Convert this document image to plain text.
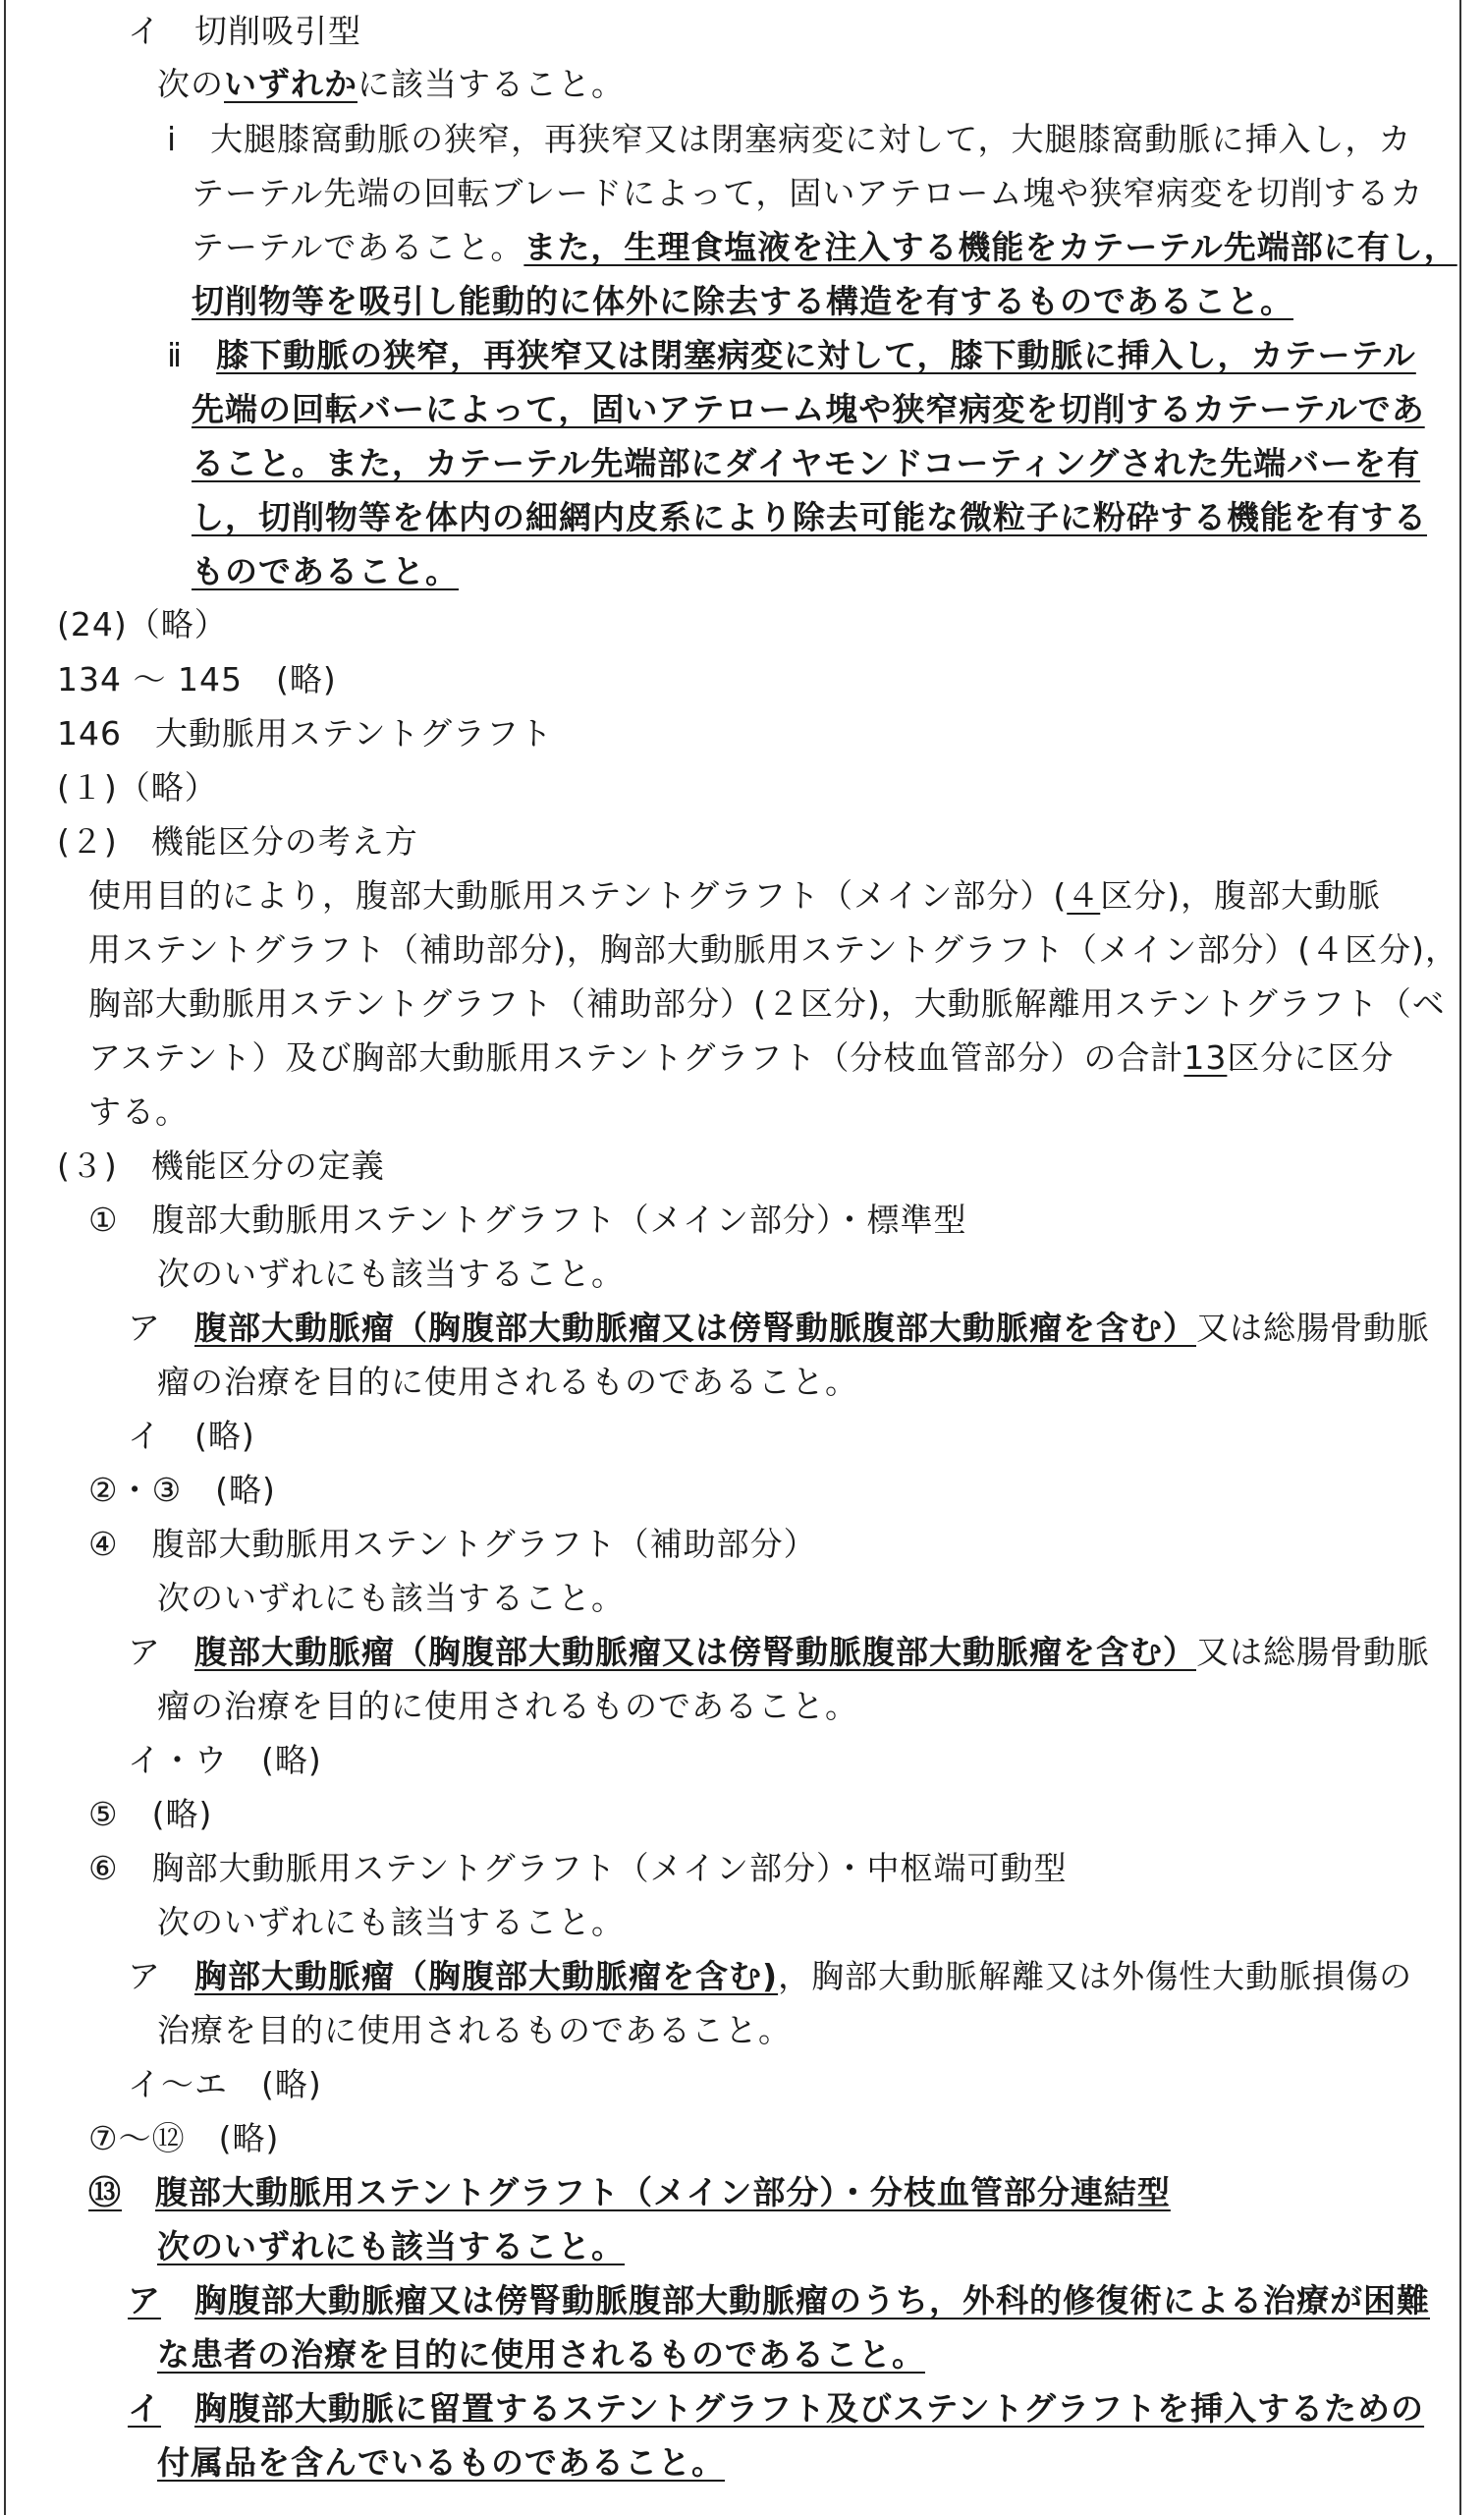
イ　切削吸引型
次のいずれかに該当すること。
ⅰ　大腿膝窩動脈の狭窄，再狭窄又は閉塞病変に対して，大腿膝窩動脈に挿入し，カ
テーテル先端の回転ブレードによって，固いアテローム塊や狭窄病変を切削するカ
テーテルであること。また，生理食塩液を注入する機能をカテーテル先端部に有し，
切削物等を吸引し能動的に体外に除去する構造を有するものであること。
ⅱ　膝下動脈の狭窄，再狭窄又は閉塞病変に対して，膝下動脈に挿入し，カテーテル
先端の回転バーによって，固いアテローム塊や狭窄病変を切削するカテーテルであ
ること。また，カテーテル先端部にダイヤモンドコーティングされた先端バーを有
し，切削物等を体内の細網内皮系により除去可能な微粒子に粉砕する機能を有する
ものであること。
(24)（略）
134 ～ 145　(略)
146　大動脈用ステントグラフト
(１)（略）
(２)　機能区分の考え方
使用目的により，腹部大動脈用ステントグラフト（メイン部分）(４区分)，腹部大動脈
用ステントグラフト（補助部分)，胸部大動脈用ステントグラフト（メイン部分）(４区分)，
胸部大動脈用ステントグラフト（補助部分）(２区分)，大動脈解離用ステントグラフト（ベ
アステント）及び胸部大動脈用ステントグラフト（分枝血管部分）の合計13区分に区分
する。
(３)　機能区分の定義
①　腹部大動脈用ステントグラフト（メイン部分）・標準型
次のいずれにも該当すること。
ア　腹部大動脈瘤（胸腹部大動脈瘤又は傍腎動脈腹部大動脈瘤を含む）又は総腸骨動脈
瘤の治療を目的に使用されるものであること。
イ　(略)
②・③　(略)
④　腹部大動脈用ステントグラフト（補助部分）
次のいずれにも該当すること。
ア　腹部大動脈瘤（胸腹部大動脈瘤又は傍腎動脈腹部大動脈瘤を含む）又は総腸骨動脈
瘤の治療を目的に使用されるものであること。
イ・ウ　(略)
⑤　(略)
⑥　胸部大動脈用ステントグラフト（メイン部分）・中枢端可動型
次のいずれにも該当すること。
ア　胸部大動脈瘤（胸腹部大動脈瘤を含む)，胸部大動脈解離又は外傷性大動脈損傷の
治療を目的に使用されるものであること。
イ～エ　(略)
⑦～⑫　(略)
⑬　 腹部大動脈用ステントグラフト（メイン部分）・分枝血管部分連結型
次のいずれにも該当すること。
ア　 胸腹部大動脈瘤又は傍腎動脈腹部大動脈瘤のうち，外科的修復術による治療が困難
な患者の治療を目的に使用されるものであること。
イ　 胸腹部大動脈に留置するステントグラフト及びステントグラフトを挿入するための
付属品を含んでいるものであること。
